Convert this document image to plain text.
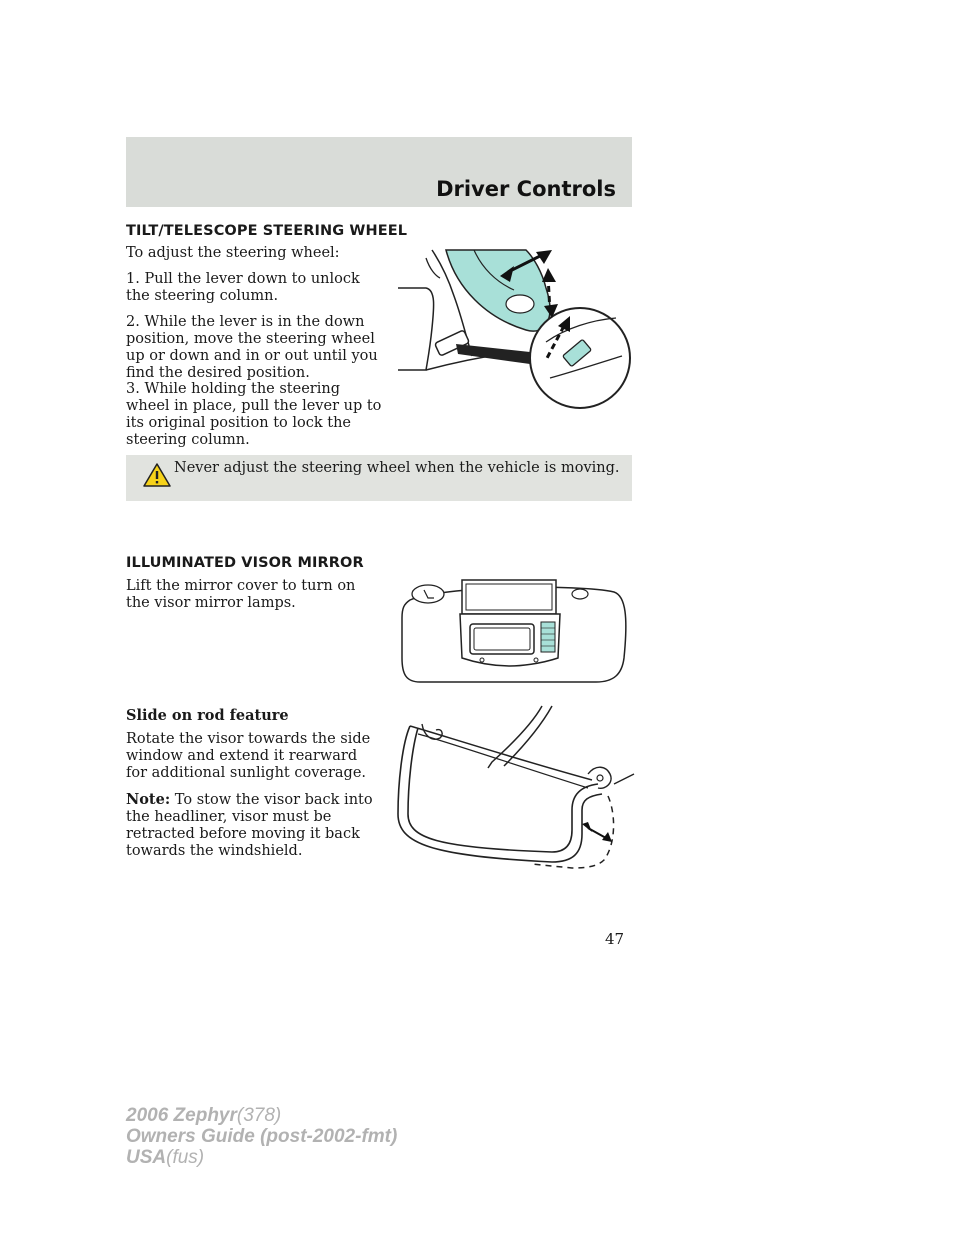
Driver Controls
TILT/TELESCOPE STEERING WHEEL

To adjust the steering wheel:

1. Pull the lever down to unlock the steering column.

2. While the lever is in the down position, move the steering wheel up or down and in or out until you find the desired position.

3. While holding the steering wheel in place, pull the lever up to its original position to lock the steering column.

Never adjust the steering wheel when the vehicle is moving.
ILLUMINATED VISOR MIRROR

Lift the mirror cover to turn on the visor mirror lamps.

Slide on rod feature

Rotate the visor towards the side window and extend it rearward for additional sunlight coverage.

Note: To stow the visor back into the headliner, visor must be retracted before moving it back towards the windshield.

47
2006 Zephyr(378)
Owners Guide (post-2002-fmt)
USA(fus)
